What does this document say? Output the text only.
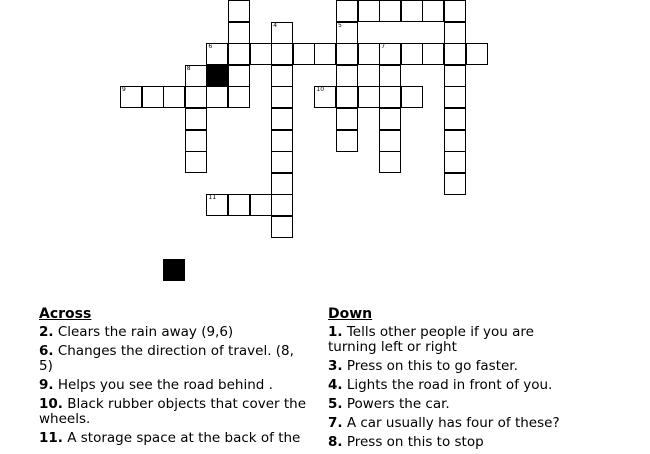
4	5
6	7
8
9	10
11
Across
2. Clears the rain away (9,6)
6. Changes the direction of travel. (8, 5)
9. Helps you see the road behind .
10. Black rubber objects that cover the wheels.
11. A storage space at the back of the
Down
1. Tells other people if you are turning left or right
3. Press on this to go faster.
4. Lights the road in front of you.
5. Powers the car.
7. A car usually has four of these?
8. Press on this to stop
